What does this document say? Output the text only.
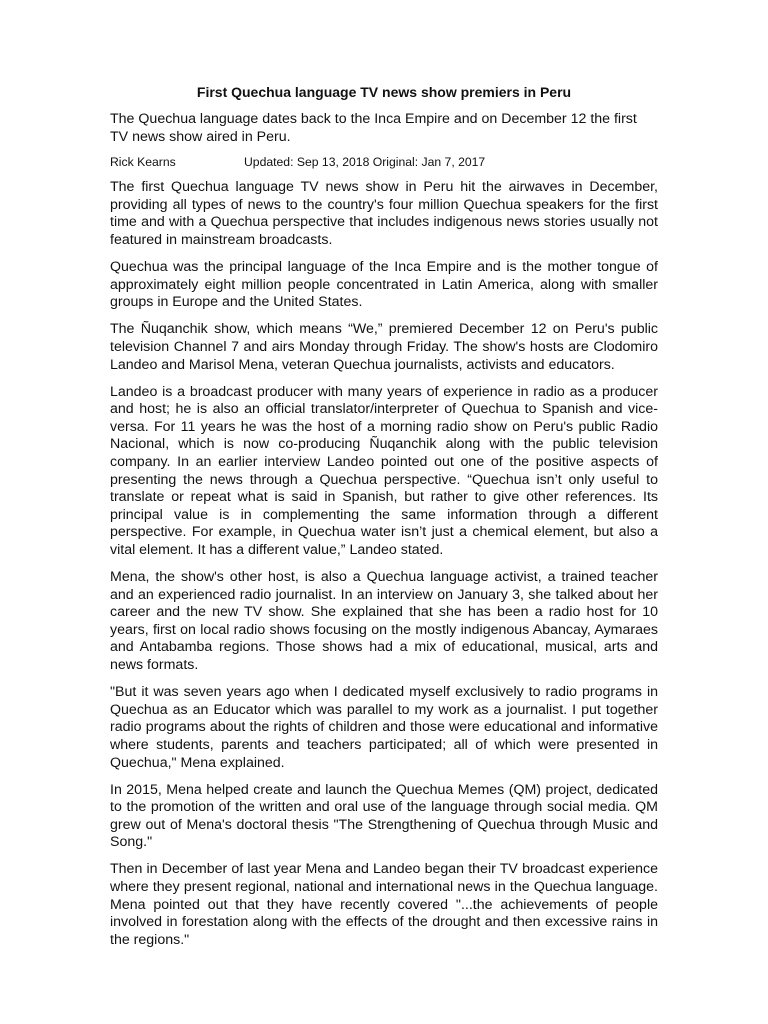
First Quechua language TV news show premiers in Peru

The Quechua language dates back to the Inca Empire and on December 12 the first TV news show aired in Peru.

Rick Kearns	Updated: Sep 13, 2018 Original: Jan 7, 2017

The first Quechua language TV news show in Peru hit the airwaves in December, providing all types of news to the country's four million Quechua speakers for the first time and with a Quechua perspective that includes indigenous news stories usually not featured in mainstream broadcasts.

Quechua was the principal language of the Inca Empire and is the mother tongue of approximately eight million people concentrated in Latin America, along with smaller groups in Europe and the United States.

The Ñuqanchik show, which means “We,” premiered December 12 on Peru's public television Channel 7 and airs Monday through Friday. The show's hosts are Clodomiro Landeo and Marisol Mena, veteran Quechua journalists, activists and educators.

Landeo is a broadcast producer with many years of experience in radio as a producer and host; he is also an official translator/interpreter of Quechua to Spanish and vice-versa. For 11 years he was the host of a morning radio show on Peru's public Radio Nacional, which is now co-producing Ñuqanchik along with the public television company. In an earlier interview Landeo pointed out one of the positive aspects of presenting the news through a Quechua perspective. “Quechua isn’t only useful to translate or repeat what is said in Spanish, but rather to give other references. Its principal value is in complementing the same information through a different perspective. For example, in Quechua water isn’t just a chemical element, but also a vital element. It has a different value,” Landeo stated.

Mena, the show's other host, is also a Quechua language activist, a trained teacher and an experienced radio journalist. In an interview on January 3, she talked about her career and the new TV show. She explained that she has been a radio host for 10 years, first on local radio shows focusing on the mostly indigenous Abancay, Aymaraes and Antabamba regions. Those shows had a mix of educational, musical, arts and news formats.

"But it was seven years ago when I dedicated myself exclusively to radio programs in Quechua as an Educator which was parallel to my work as a journalist. I put together radio programs about the rights of children and those were educational and informative where students, parents and teachers participated; all of which were presented in Quechua," Mena explained.

In 2015, Mena helped create and launch the Quechua Memes (QM) project, dedicated to the promotion of the written and oral use of the language through social media. QM grew out of Mena's doctoral thesis "The Strengthening of Quechua through Music and Song."

Then in December of last year Mena and Landeo began their TV broadcast experience where they present regional, national and international news in the Quechua language. Mena pointed out that they have recently covered "...the achievements of people involved in forestation along with the effects of the drought and then excessive rains in the regions."
